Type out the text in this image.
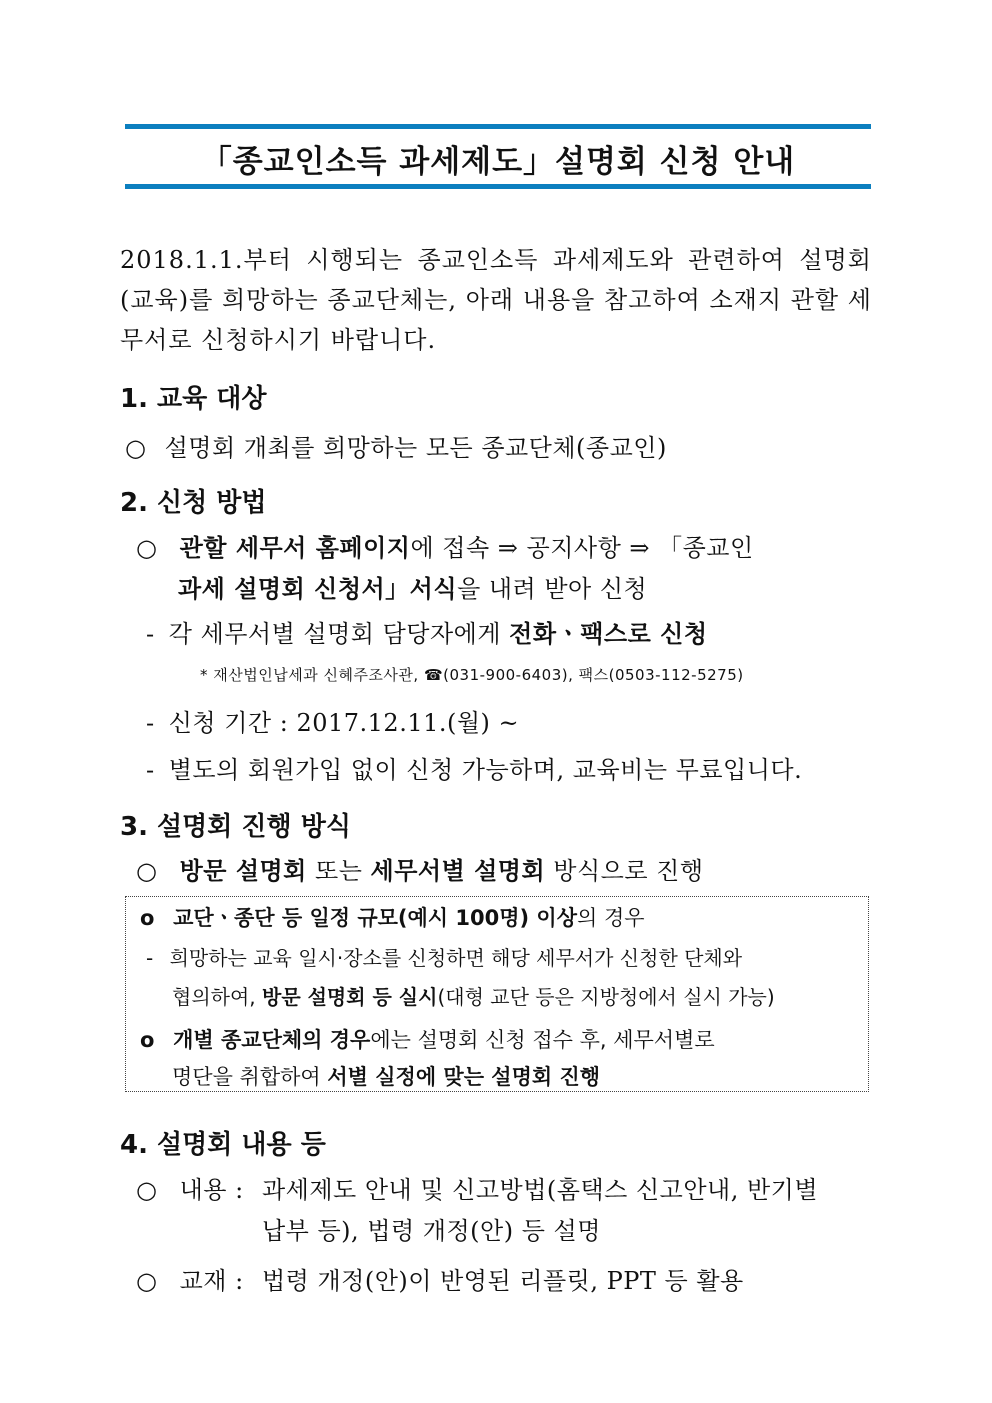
「종교인소득 과세제도」설명회 신청 안내
2018.1.1.부터 시행되는 종교인소득 과세제도와 관련하여 설명회(교육)를 희망하는 종교단체는, 아래 내용을 참고하여 소재지 관할 세무서로 신청하시기 바랍니다.
1. 교육 대상
○ 설명회 개최를 희망하는 모든 종교단체(종교인)
2. 신청 방법
○ 관할 세무서 홈페이지에 접속 ⇒ 공지사항 ⇒ 「종교인
과세 설명회 신청서」서식을 내려 받아 신청
- 각 세무서별 설명회 담당자에게 전화ㆍ팩스로 신청
* 재산법인납세과 신혜주조사관, ☎(031-900-6403), 팩스(0503-112-5275)
- 신청 기간 : 2017.12.11.(월) ~
- 별도의 회원가입 없이 신청 가능하며, 교육비는 무료입니다.
3. 설명회 진행 방식
○ 방문 설명회 또는 세무서별 설명회 방식으로 진행
o 교단ㆍ종단 등 일정 규모(예시 100명) 이상의 경우
- 희망하는 교육 일시·장소를 신청하면 해당 세무서가 신청한 단체와
협의하여, 방문 설명회 등 실시(대형 교단 등은 지방청에서 실시 가능)
o 개별 종교단체의 경우에는 설명회 신청 접수 후, 세무서별로
명단을 취합하여 서별 실정에 맞는 설명회 진행
4. 설명회 내용 등
○ 내용 : 과세제도 안내 및 신고방법(홈택스 신고안내, 반기별
납부 등), 법령 개정(안) 등 설명
○ 교재 : 법령 개정(안)이 반영된 리플릿, PPT 등 활용
